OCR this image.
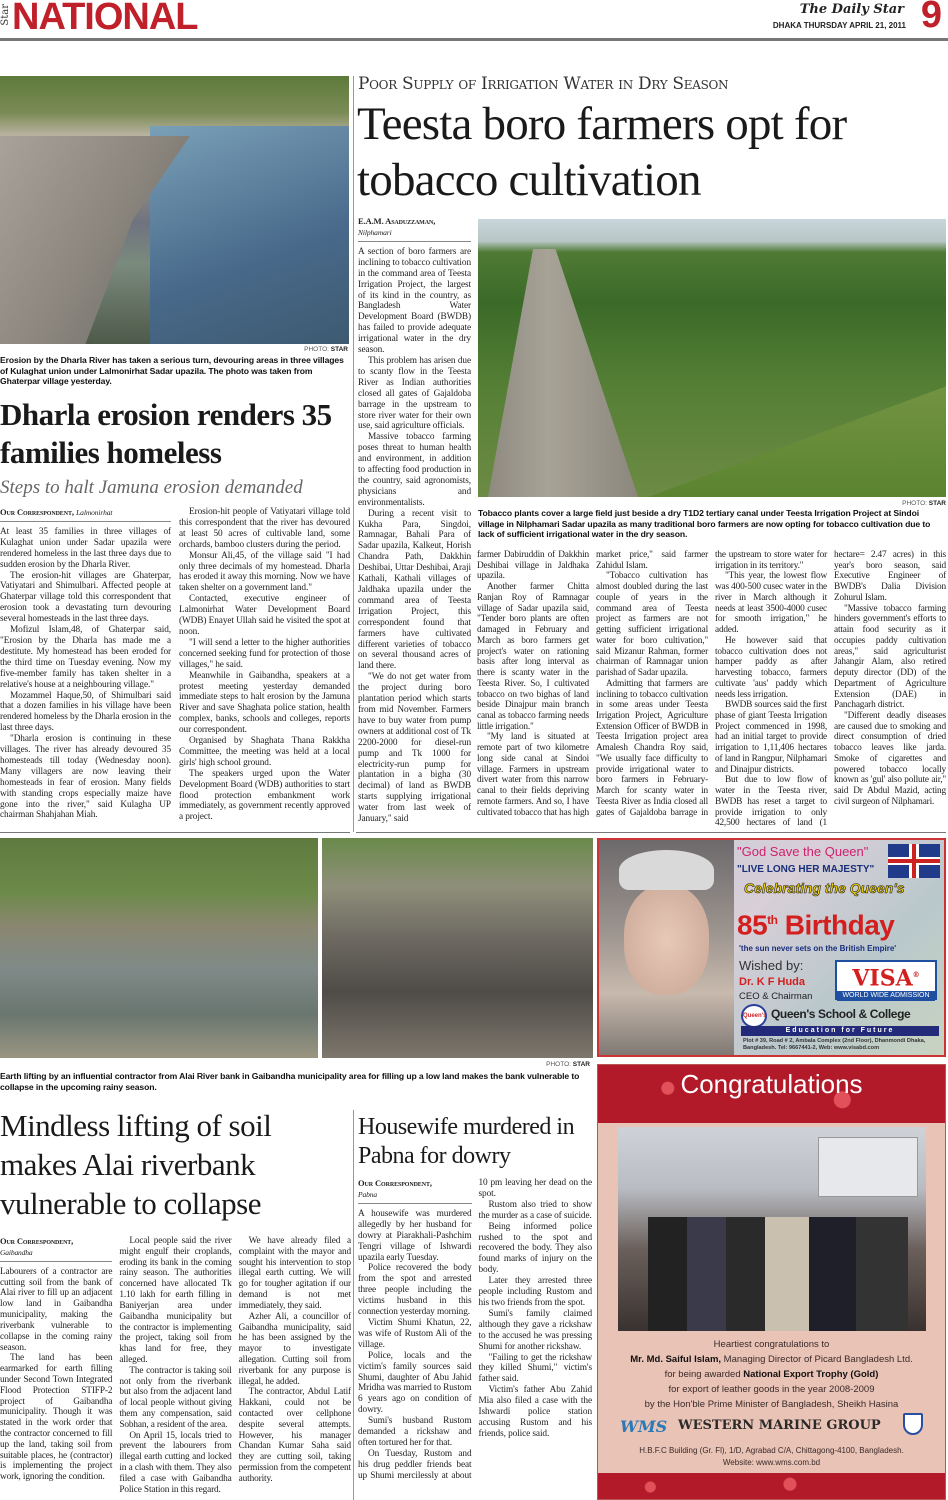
Star NATIONAL	The Daily Star
DHAKA THURSDAY APRIL 21, 2011 9
PHOTO: STAR
Erosion by the Dharla River has taken a serious turn, devouring areas in three villages of Kulaghat union under Lalmonirhat Sadar upazila. The photo was taken from Ghaterpar village yesterday.
Dharla erosion renders 35 families homeless
Steps to halt Jamuna erosion demanded
Our Correspondent, Lalmonirhat

At least 35 families in three villages of Kulaghat union under Sadar upazila were rendered homeless in the last three days due to sudden erosion by the Dharla River.

The erosion-hit villages are Ghaterpar, Vatiyatari and Shimulbari. Affected people at Ghaterpar village told this correspondent that erosion took a devastating turn devouring several homesteads in the last three days.

Mofizul Islam,48, of Ghaterpar said, "Erosion by the Dharla has made me a destitute. My homestead has been eroded for the third time on Tuesday evening. Now my five-member family has taken shelter in a relative's house at a neighbouring village."

Mozammel Haque,50, of Shimulbari said that a dozen families in his village have been rendered homeless by the Dharla erosion in the last three days.

"Dharla erosion is continuing in these villages. The river has already devoured 35 homesteads till today (Wednesday noon). Many villagers are now leaving their homesteads in fear of erosion. Many fields with standing crops especially maize have gone into the river," said Kulagha UP chairman Shahjahan Miah.

Erosion-hit people of Vatiyatari village told this correspondent that the river has devoured at least 50 acres of cultivable land, some orchards, bamboo clusters during the period.

Monsur Ali,45, of the village said "I had only three decimals of my homestead. Dharla has eroded it away this morning. Now we have taken shelter on a government land."

Contacted, executive engineer of Lalmonirhat Water Development Board (WDB) Enayet Ullah said he visited the spot at noon.

"I will send a letter to the higher authorities concerned seeking fund for protection of those villages," he said.

Meanwhile in Gaibandha, speakers at a protest meeting yesterday demanded immediate steps to halt erosion by the Jamuna River and save Shaghata police station, health complex, banks, schools and colleges, reports our correspondent.

Organised by Shaghata Thana Rakkha Committee, the meeting was held at a local girls' high school ground.

The speakers urged upon the Water Development Board (WDB) authorities to start flood protection embankment work immediately, as government recently approved a project.

Poor Supply of Irrigation Water in Dry Season
Teesta boro farmers opt for tobacco cultivation
E.A.M. Asaduzzaman,
Nilphamari

A section of boro farmers are inclining to tobacco cultivation in the command area of Teesta Irrigation Project, the largest of its kind in the country, as Bangladesh Water Development Board (BWDB) has failed to provide adequate irrigational water in the dry season.

This problem has arisen due to scanty flow in the Teesta River as Indian authorities closed all gates of Gajaldoba barrage in the upstream to store river water for their own use, said agriculture officials.

Massive tobacco farming poses threat to human health and environment, in addition to affecting food production in the country, said agronomists, physicians and environmentalists.

During a recent visit to Kukha Para, Singdoi, Ramnagar, Bahali Para of Sadar upazila, Kalkeut, Horish Chandra Path, Dakkhin Deshibai, Uttar Deshibai, Araji Kathali, Kathali villages of Jaldhaka upazila under the command area of Teesta Irrigation Project, this correspondent found that farmers have cultivated different varieties of tobacco on several thousand acres of land there.

"We do not get water from the project during boro plantation period which starts from mid November. Farmers have to buy water from pump owners at additional cost of Tk 2200-2000 for diesel-run pump and Tk 1000 for electricity-run pump for plantation in a bigha (30 decimal) of land as BWDB starts supplying irrigational water from last week of January," said

PHOTO: STAR
Tobacco plants cover a large field just beside a dry T1D2 tertiary canal under Teesta Irrigation Project at Sindoi village in Nilphamari Sadar upazila as many traditional boro farmers are now opting for tobacco cultivation due to lack of sufficient irrigational water in the dry season.

farmer Dabiruddin of Dakkhin Deshibai village in Jaldhaka upazila.

Another farmer Chitta Ranjan Roy of Ramnagar village of Sadar upazila said, "Tender boro plants are often damaged in February and March as boro farmers get project's water on rationing basis after long interval as there is scanty water in the Teesta River. So, I cultivated tobacco on two bighas of land beside Dinajpur main branch canal as tobacco farming needs little irrigation."

"My land is situated at remote part of two kilometre long side canal at Sindoi village. Farmers in upstream divert water from this narrow canal to their fields depriving remote farmers. And so, I have cultivated tobacco that has high market price," said farmer Zahidul Islam.

"Tobacco cultivation has almost doubled during the last couple of years in the command area of Teesta project as farmers are not getting sufficient irrigational water for boro cultivation," said Mizanur Rahman, former chairman of Ramnagar union parishad of Sadar upazila.

Admitting that farmers are inclining to tobacco cultivation in some areas under Teesta Irrigation Project, Agriculture Extension Officer of BWDB in Teesta Irrigation project area Amalesh Chandra Roy said, "We usually face difficulty to provide irrigational water to boro farmers in February-March for scanty water in Teesta River as India closed all gates of Gajaldoba barrage in the upstream to store water for irrigation in its territory."

"This year, the lowest flow was 400-500 cusec water in the river in March although it needs at least 3500-4000 cusec for smooth irrigation," he added.

He however said that tobacco cultivation does not hamper paddy as after harvesting tobacco, farmers cultivate 'aus' paddy which needs less irrigation.

BWDB sources said the first phase of giant Teesta Irrigation Project commenced in 1998, had an initial target to provide irrigation to 1,11,406 hectares of land in Rangpur, Nilphamari and Dinajpur districts.

But due to low flow of water in the Teesta river, BWDB has reset a target to provide irrigation to only 42,500 hectares of land (1 hectare= 2.47 acres) in this year's boro season, said Executive Engineer of BWDB's Dalia Division Zohurul Islam.

"Massive tobacco farming hinders government's efforts to attain food security as it occupies paddy cultivation areas," said agriculturist Jahangir Alam, also retired deputy director (DD) of the Department of Agriculture Extension (DAE) in Panchagarh district.

"Different deadly diseases are caused due to smoking and direct consumption of dried tobacco leaves like jarda. Smoke of cigarettes and powered tobacco locally known as 'gul' also pollute air," said Dr Abdul Mazid, acting civil surgeon of Nilphamari.

PHOTO: STAR
Earth lifting by an influential contractor from Alai River bank in Gaibandha municipality area for filling up a low land makes the bank vulnerable to collapse in the upcoming rainy season.
Mindless lifting of soil makes Alai riverbank vulnerable to collapse
Our Correspondent,
Gaibandha

Labourers of a contractor are cutting soil from the bank of Alai river to fill up an adjacent low land in Gaibandha municipality, making the riverbank vulnerable to collapse in the coming rainy season.

The land has been earmarked for earth filling under Second Town Integrated Flood Protection STIFP-2 project of Gaibandha municipality. Though it was stated in the work order that the contractor concerned to fill up the land, taking soil from suitable places, he (contractor) is implementing the project work, ignoring the condition.

Local people said the river might engulf their croplands, eroding its bank in the coming rainy season. The authorities concerned have allocated Tk 1.10 lakh for earth filling in Baniyerjan area under Gaibandha municipality but the contractor is implementing the project, taking soil from khas land for free, they alleged.

The contractor is taking soil not only from the riverbank but also from the adjacent land of local people without giving them any compensation, said Sobhan, a resident of the area.

On April 15, locals tried to prevent the labourers from illegal earth cutting and locked in a clash with them. They also filed a case with Gaibandha Police Station in this regard.

We have already filed a complaint with the mayor and sought his intervention to stop illegal earth cutting. We will go for tougher agitation if our demand is not met immediately, they said.

Azher Ali, a councillor of Gaibandha municipality, said he has been assigned by the mayor to investigate allegation. Cutting soil from riverbank for any purpose is illegal, he added.

The contractor, Abdul Latif Hakkani, could not be contacted over cellphone despite several attempts. However, his manager Chandan Kumar Saha said they are cutting soil, taking permission from the competent authority.

Housewife murdered in Pabna for dowry
Our Correspondent,
Pabna

A housewife was murdered allegedly by her husband for dowry at Piarakhali-Pashchim Tengri village of Ishwardi upazila early Tuesday.

Police recovered the body from the spot and arrested three people including the victims husband in this connection yesterday morning.

Victim Shumi Khatun, 22, was wife of Rustom Ali of the village.

Police, locals and the victim's family sources said Shumi, daughter of Abu Jahid Mridha was married to Rustom 6 years ago on condition of dowry.

Sumi's husband Rustom demanded a rickshaw and often tortured her for that.

On Tuesday, Rustom and his drug peddler friends beat up Shumi mercilessly at about 10 pm leaving her dead on the spot.

Rustom also tried to show the murder as a case of suicide.

Being informed police rushed to the spot and recovered the body. They also found marks of injury on the body.

Later they arrested three people including Rustom and his two friends from the spot.

Sumi's family claimed although they gave a rickshaw to the accused he was pressing Shumi for another rickshaw.

"Failing to get the rickshaw they killed Shumi," victim's father said.

Victim's father Abu Zahid Mia also filed a case with the Ishwardi police station accusing Rustom and his friends, police said.

"God Save the Queen"
"LIVE LONG HER MAJESTY"
Celebrating the Queen's
85th Birthday
'the sun never sets on the British Empire'
Wished by:
Dr. K F Huda
CEO & Chairman
VISA®
WORLD WIDE ADMISSION
Queen's Queen's School & College
Education for Future
Plot # 39, Road # 2, Ambala Complex (2nd Floor), Dhanmondi Dhaka, Bangladesh. Tel: 9667441-2, Web: www.visabd.com
Congratulations
Heartiest congratulations to
Mr. Md. Saiful Islam, Managing Director of Picard Bangladesh Ltd.
for being awarded National Export Trophy (Gold)
for export of leather goods in the year 2008-2009
by the Hon'ble Prime Minister of Bangladesh, Sheikh Hasina
WMS WESTERN MARINE GROUP
H.B.F.C Building (Gr. Fl), 1/D, Agrabad C/A, Chittagong-4100, Bangladesh.
Website: www.wms.com.bd
